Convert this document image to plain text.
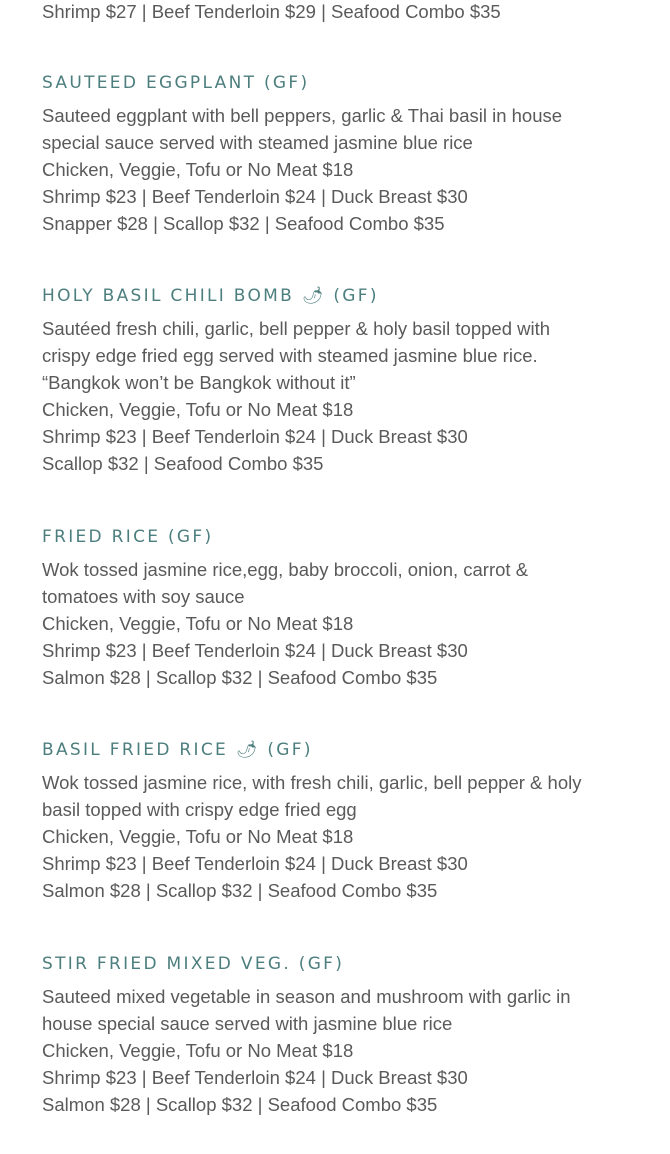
Shrimp $27 | Beef Tenderloin $29 | Seafood Combo $35
SAUTEED EGGPLANT (GF)
Sauteed eggplant with bell peppers, garlic & Thai basil in house
special sauce served with steamed jasmine blue rice
Chicken, Veggie, Tofu or No Meat $18
Shrimp $23 | Beef Tenderloin $24 | Duck Breast $30
Snapper $28 | Scallop $32 | Seafood Combo $35
HOLY BASIL CHILI BOMB 🌶 (GF)
Sautéed fresh chili, garlic, bell pepper & holy basil topped with
crispy edge fried egg served with steamed jasmine blue rice.
“Bangkok won’t be Bangkok without it”
Chicken, Veggie, Tofu or No Meat $18
Shrimp $23 | Beef Tenderloin $24 | Duck Breast $30
Scallop $32 | Seafood Combo $35
FRIED RICE (GF)
Wok tossed jasmine rice,egg, baby broccoli, onion, carrot &
tomatoes with soy sauce
Chicken, Veggie, Tofu or No Meat $18
Shrimp $23 | Beef Tenderloin $24 | Duck Breast $30
Salmon $28 | Scallop $32 | Seafood Combo $35
BASIL FRIED RICE 🌶 (GF)
Wok tossed jasmine rice, with fresh chili, garlic, bell pepper & holy
basil topped with crispy edge fried egg
Chicken, Veggie, Tofu or No Meat $18
Shrimp $23 | Beef Tenderloin $24 | Duck Breast $30
Salmon $28 | Scallop $32 | Seafood Combo $35
STIR FRIED MIXED VEG. (GF)
Sauteed mixed vegetable in season and mushroom with garlic in
house special sauce served with jasmine blue rice
Chicken, Veggie, Tofu or No Meat $18
Shrimp $23 | Beef Tenderloin $24 | Duck Breast $30
Salmon $28 | Scallop $32 | Seafood Combo $35
